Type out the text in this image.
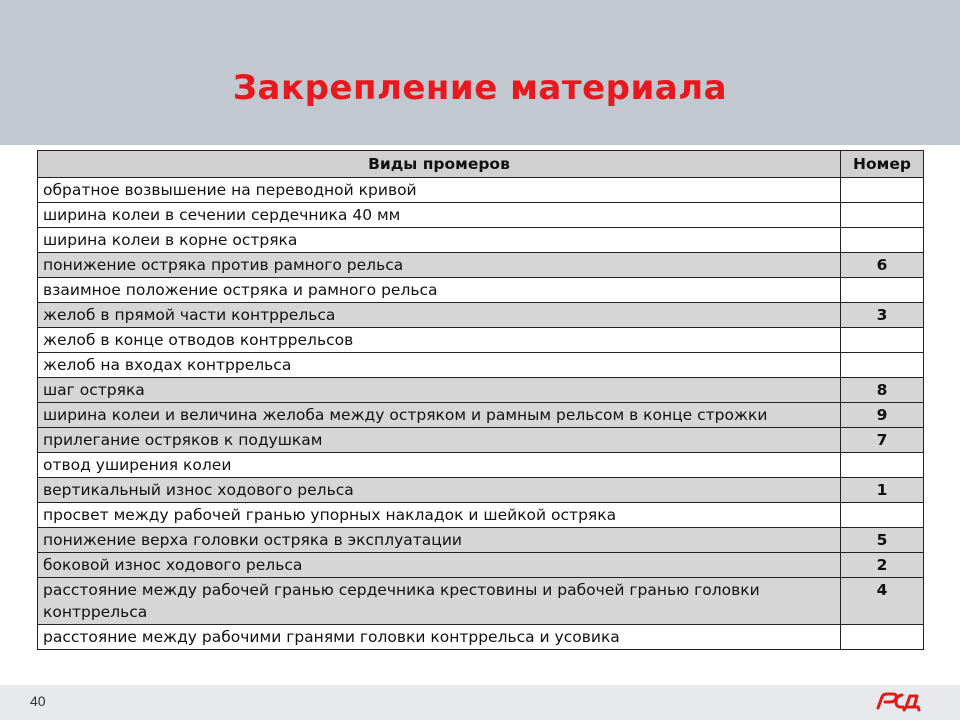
Закрепление материала
Виды промеров	Номер
обратное возвышение на переводной кривой	
ширина колеи в сечении сердечника 40 мм	
ширина колеи в корне остряка	
понижение остряка против рамного рельса	6
взаимное положение остряка и рамного рельса	
желоб в прямой части контррельса	3
желоб в конце отводов контррельсов	
желоб на входах контррельса	
шаг остряка	8
ширина колеи и величина желоба между остряком и рамным рельсом в конце строжки	9
прилегание остряков к подушкам	7
отвод уширения колеи	
вертикальный износ ходового рельса	1
просвет между рабочей гранью упорных накладок и шейкой остряка	
понижение верха головки остряка в эксплуатации	5
боковой износ ходового рельса	2
расстояние между рабочей гранью сердечника крестовины и рабочей гранью головки контррельса	4
расстояние между рабочими гранями головки контррельса и усовика	
40
